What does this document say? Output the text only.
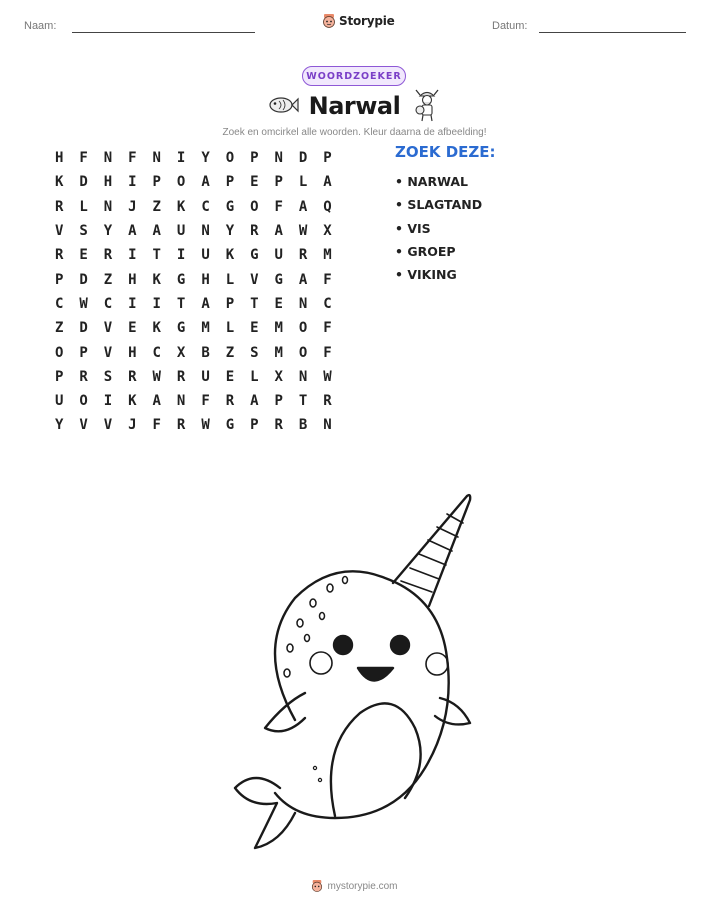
Naam:	Storypie	Datum:
WOORDZOEKER
Narwal
Zoek en omcirkel alle woorden. Kleur daarna de afbeelding!
H	F	N	F	N	I	Y	O	P	N	D	P
K	D	H	I	P	O	A	P	E	P	L	A
R	L	N	J	Z	K	C	G	O	F	A	Q
V	S	Y	A	A	U	N	Y	R	A	W	X
R	E	R	I	T	I	U	K	G	U	R	M
P	D	Z	H	K	G	H	L	V	G	A	F
C	W	C	I	I	T	A	P	T	E	N	C
Z	D	V	E	K	G	M	L	E	M	O	F
O	P	V	H	C	X	B	Z	S	M	O	F
P	R	S	R	W	R	U	E	L	X	N	W
U	O	I	K	A	N	F	R	A	P	T	R
Y	V	V	J	F	R	W	G	P	R	B	N
ZOEK DEZE:
• NARWAL
• SLAGTAND
• VIS
• GROEP
• VIKING
mystorypie.com
